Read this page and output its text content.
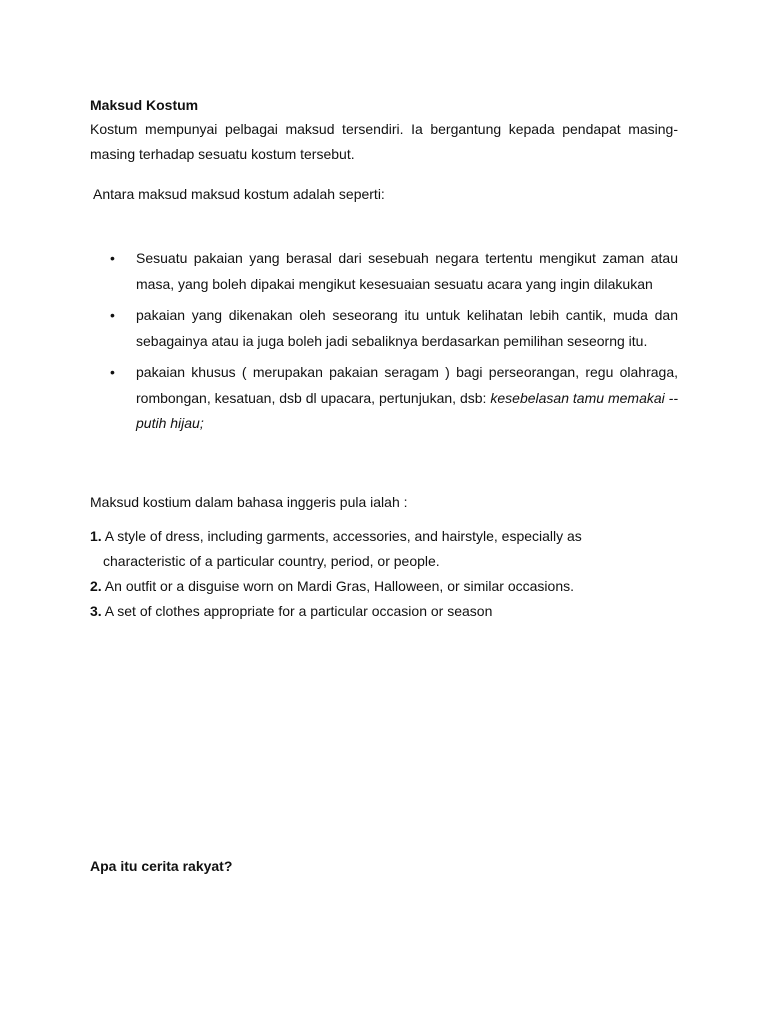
Maksud Kostum

Kostum mempunyai pelbagai maksud tersendiri. Ia bergantung kepada pendapat masing-masing terhadap sesuatu kostum tersebut.

Antara maksud maksud kostum adalah seperti:

• Sesuatu pakaian yang berasal dari sesebuah negara tertentu mengikut zaman atau masa, yang boleh dipakai mengikut kesesuaian sesuatu acara yang ingin dilakukan
• pakaian yang dikenakan oleh seseorang itu untuk kelihatan lebih cantik, muda dan sebagainya atau ia juga boleh jadi sebaliknya berdasarkan pemilihan seseorng itu.
• pakaian khusus ( merupakan pakaian seragam ) bagi perseorangan, regu olahraga, rombongan, kesatuan, dsb dl upacara, pertunjukan, dsb: kesebelasan tamu memakai -- putih hijau;

Maksud kostium dalam bahasa inggeris pula ialah :

1. A style of dress, including garments, accessories, and hairstyle, especially as
characteristic of a particular country, period, or people.
2. An outfit or a disguise worn on Mardi Gras, Halloween, or similar occasions.
3. A set of clothes appropriate for a particular occasion or season
Apa itu cerita rakyat?
